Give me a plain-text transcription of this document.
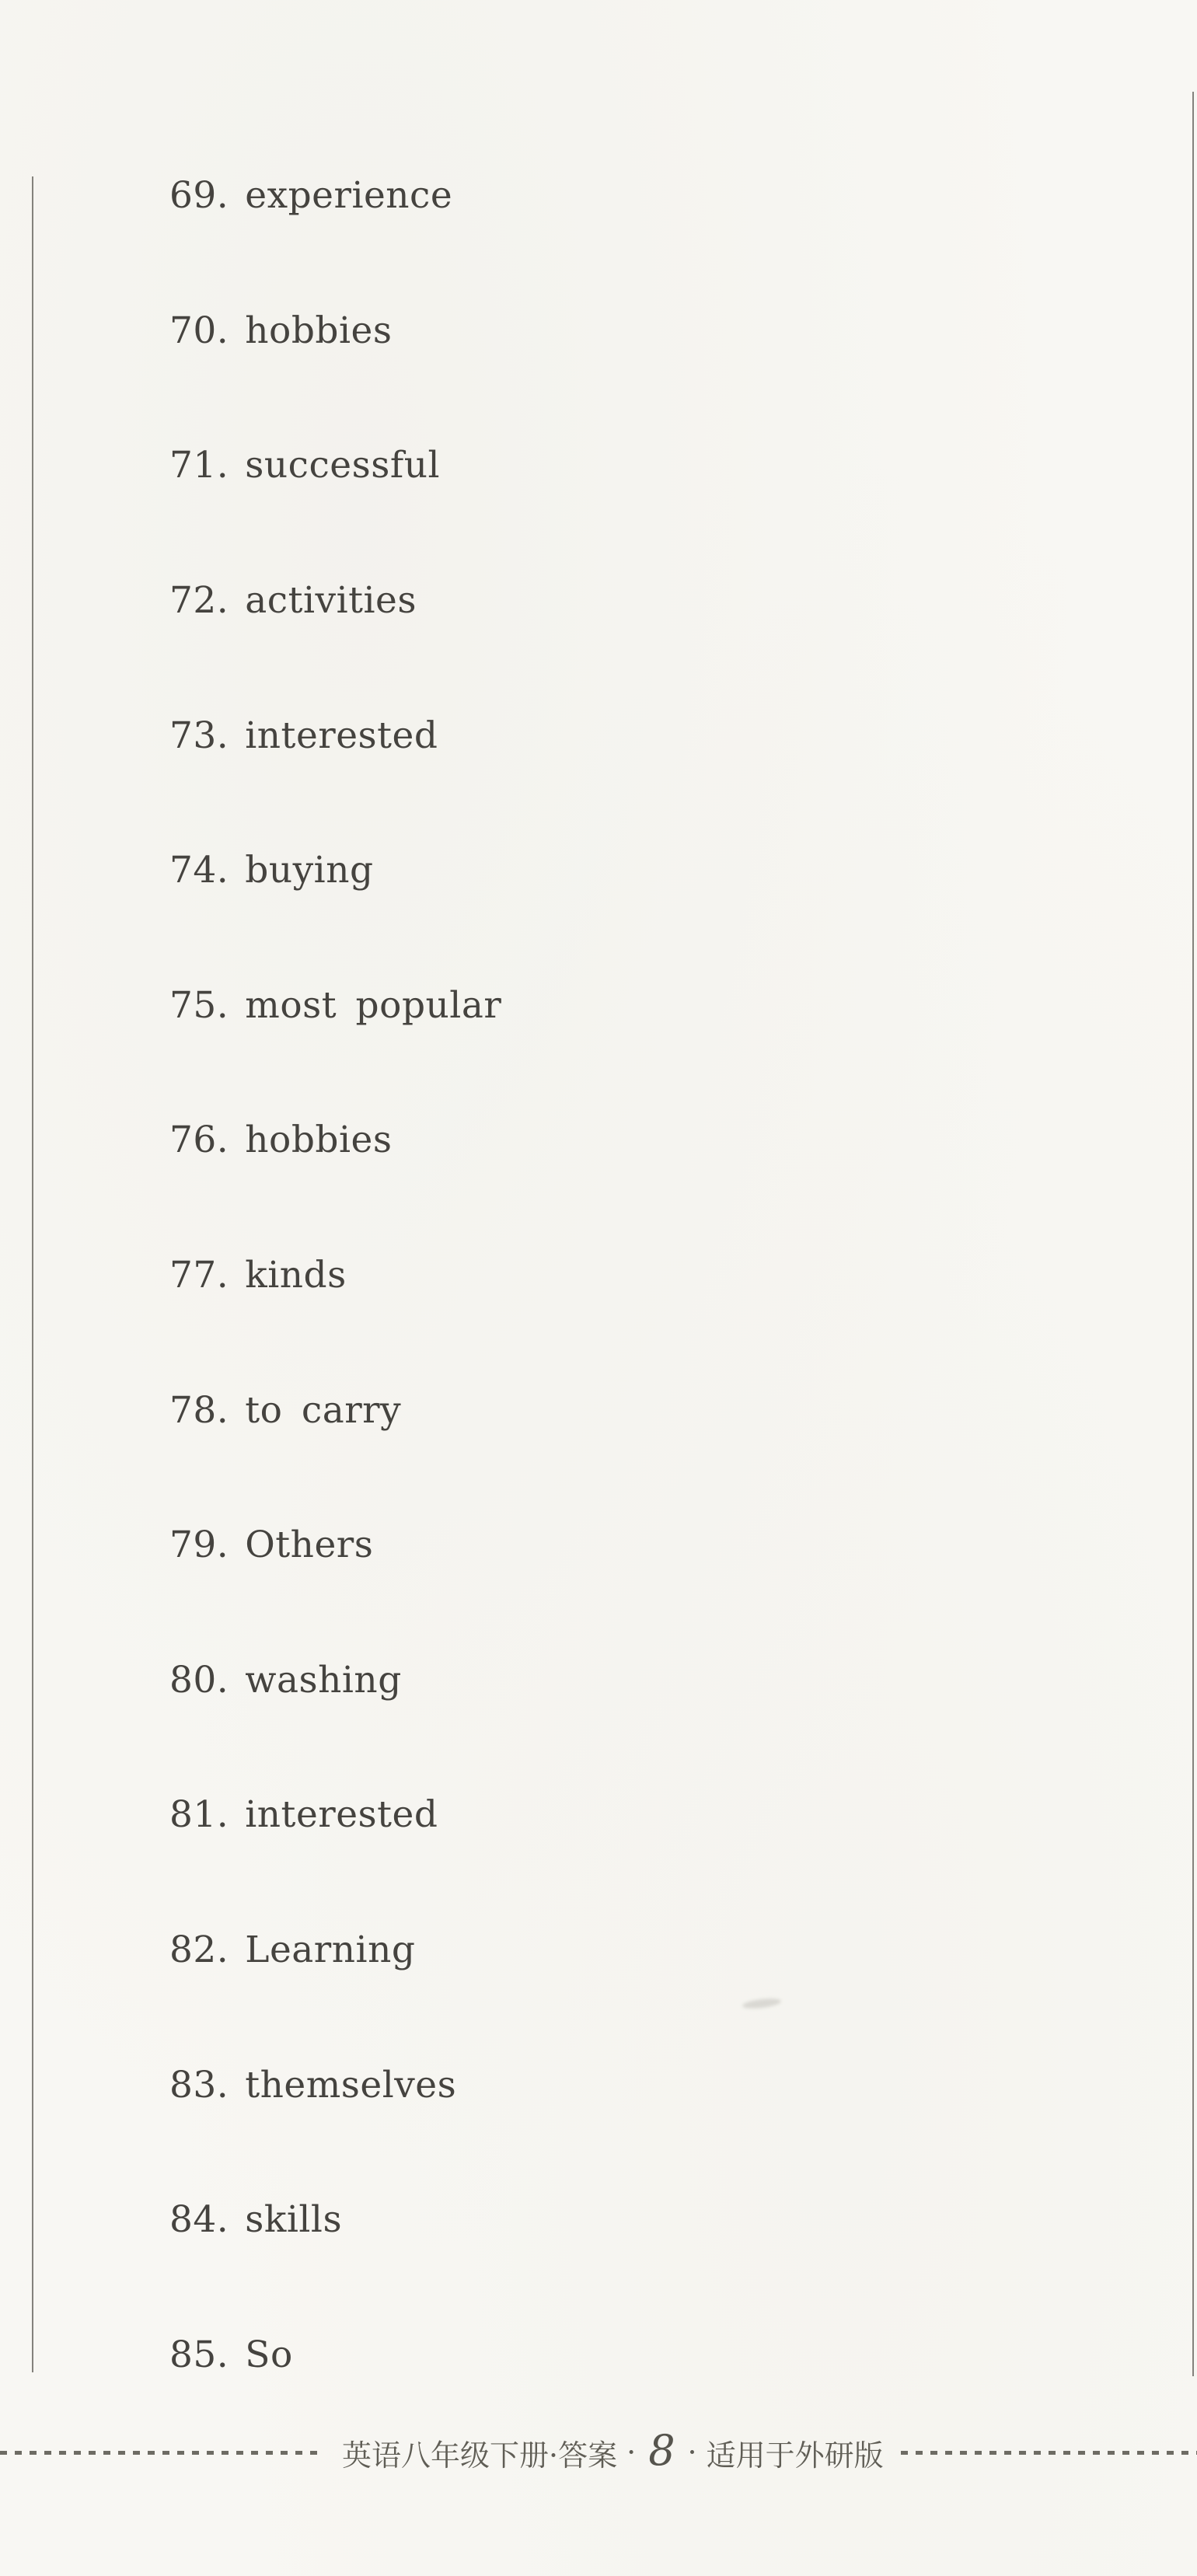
69. experience
70. hobbies
71. successful
72. activities
73. interested
74. buying
75. most popular
76. hobbies
77. kinds
78. to carry
79. Others
80. washing
81. interested
82. Learning
83. themselves
84. skills
85. So
英语八年级下册·答案 · 8 · 适用于外研版
